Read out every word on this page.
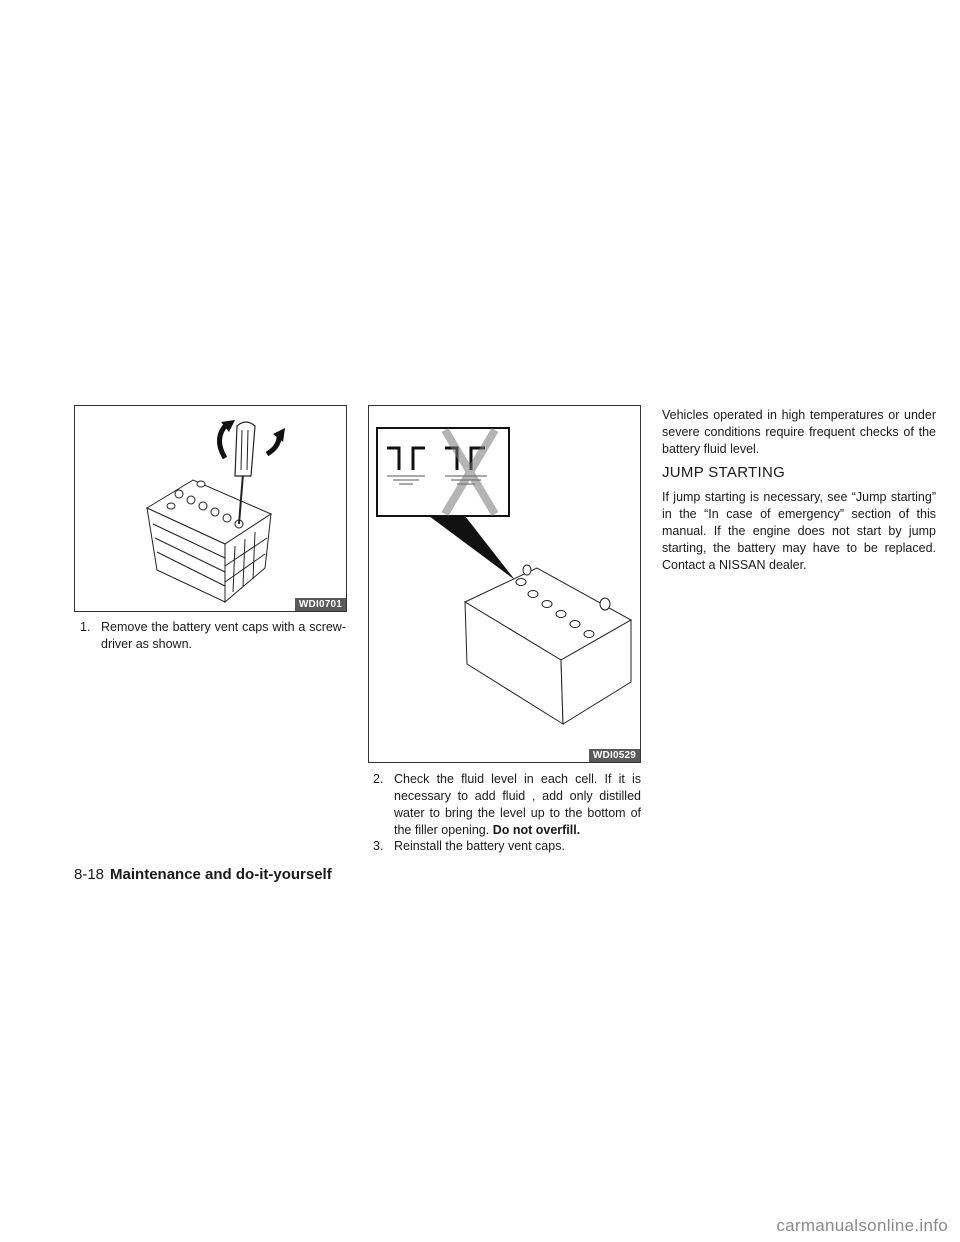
WDI0701
WDI0529
1. Remove the battery vent caps with a screw-driver as shown.
2. Check the fluid level in each cell. If it is necessary to add fluid , add only distilled water to bring the level up to the bottom of the filler opening. Do not overfill.
3. Reinstall the battery vent caps.
Vehicles operated in high temperatures or under severe conditions require frequent checks of the battery fluid level.
JUMP STARTING
If jump starting is necessary, see “Jump starting” in the “In case of emergency” section of this manual. If the engine does not start by jump starting, the battery may have to be replaced. Contact a NISSAN dealer.
8-18 Maintenance and do-it-yourself
carmanualsonline.info
